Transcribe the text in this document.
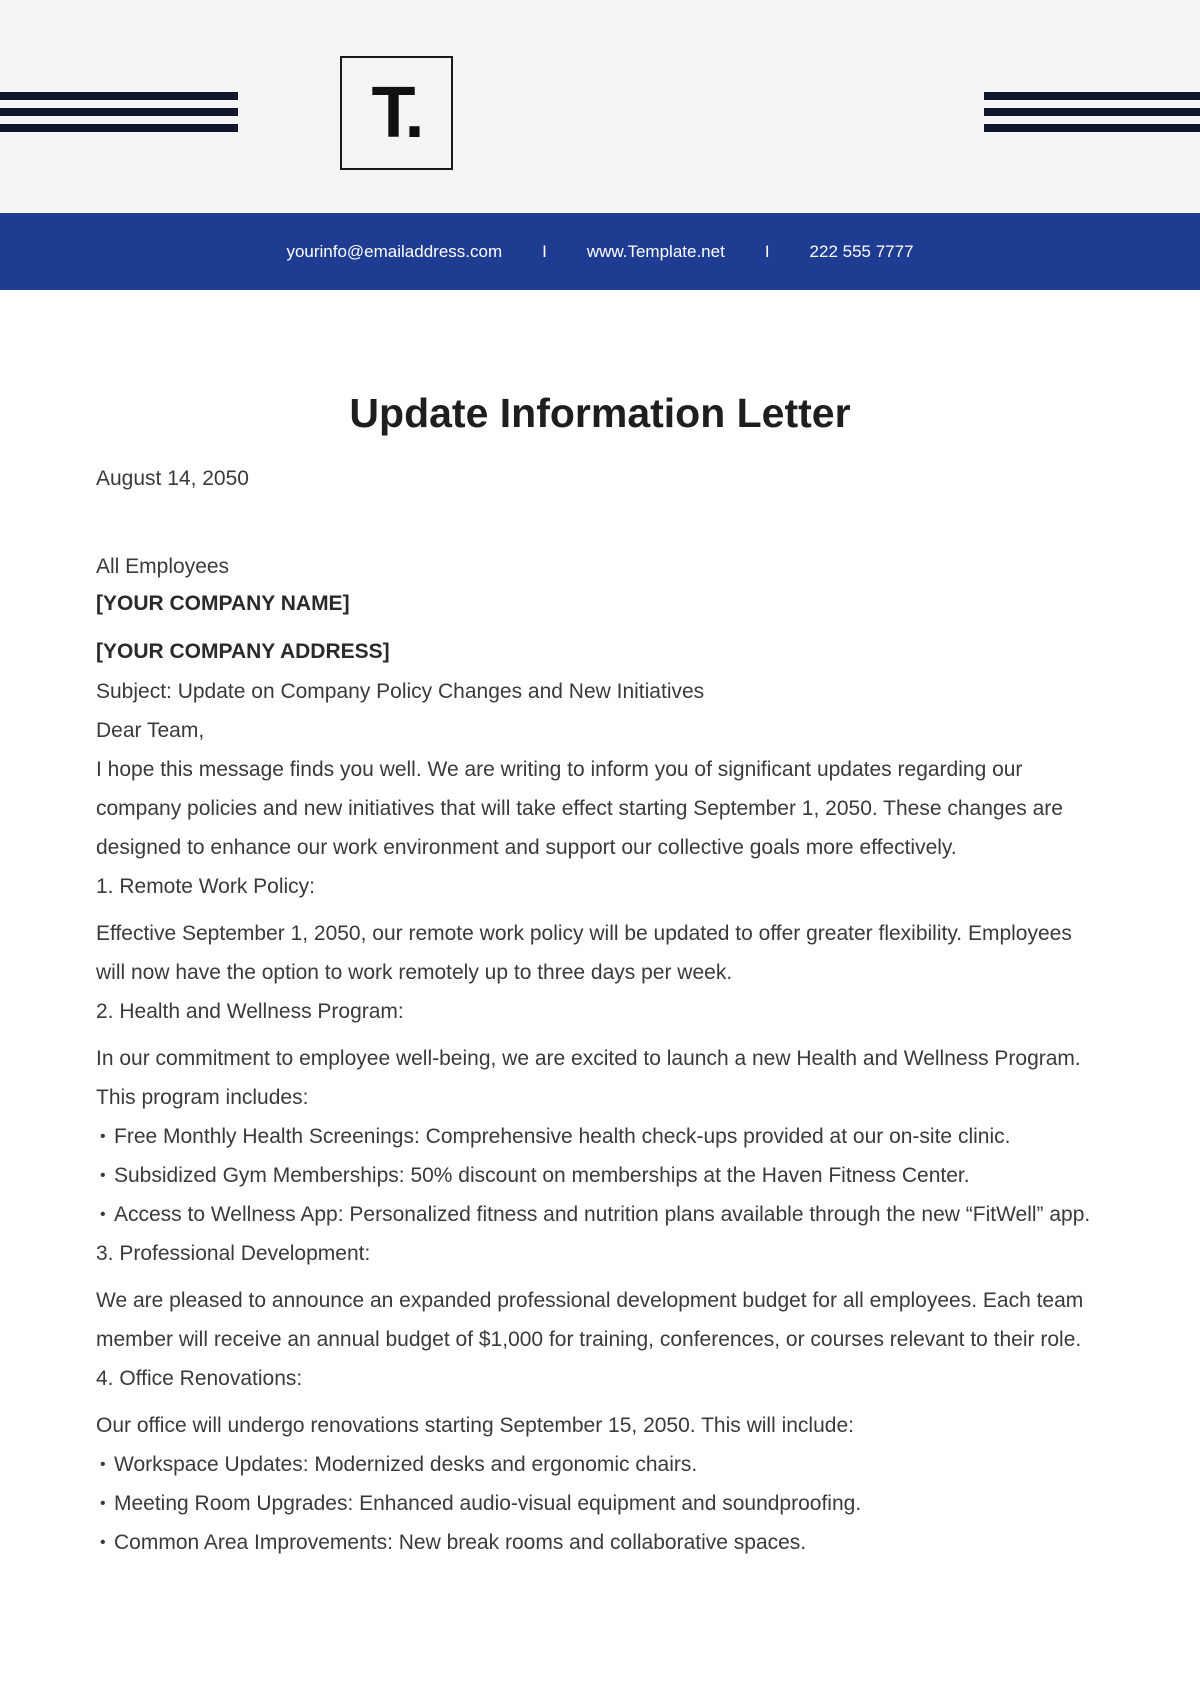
T.
yourinfo@emailaddress.com I www.Template.net I 222 555 7777
Update Information Letter

August 14, 2050

All Employees

[YOUR COMPANY NAME]

[YOUR COMPANY ADDRESS]

Subject: Update on Company Policy Changes and New Initiatives

Dear Team,

I hope this message finds you well. We are writing to inform you of significant updates regarding our company policies and new initiatives that will take effect starting September 1, 2050. These changes are designed to enhance our work environment and support our collective goals more effectively.

1. Remote Work Policy:

Effective September 1, 2050, our remote work policy will be updated to offer greater flexibility. Employees will now have the option to work remotely up to three days per week.

2. Health and Wellness Program:

In our commitment to employee well-being, we are excited to launch a new Health and Wellness Program. This program includes:

• Free Monthly Health Screenings: Comprehensive health check-ups provided at our on-site clinic.
• Subsidized Gym Memberships: 50% discount on memberships at the Haven Fitness Center.
• Access to Wellness App: Personalized fitness and nutrition plans available through the new “FitWell” app.

3. Professional Development:

We are pleased to announce an expanded professional development budget for all employees. Each team member will receive an annual budget of $1,000 for training, conferences, or courses relevant to their role.

4. Office Renovations:

Our office will undergo renovations starting September 15, 2050. This will include:

• Workspace Updates: Modernized desks and ergonomic chairs.
• Meeting Room Upgrades: Enhanced audio-visual equipment and soundproofing.
• Common Area Improvements: New break rooms and collaborative spaces.
